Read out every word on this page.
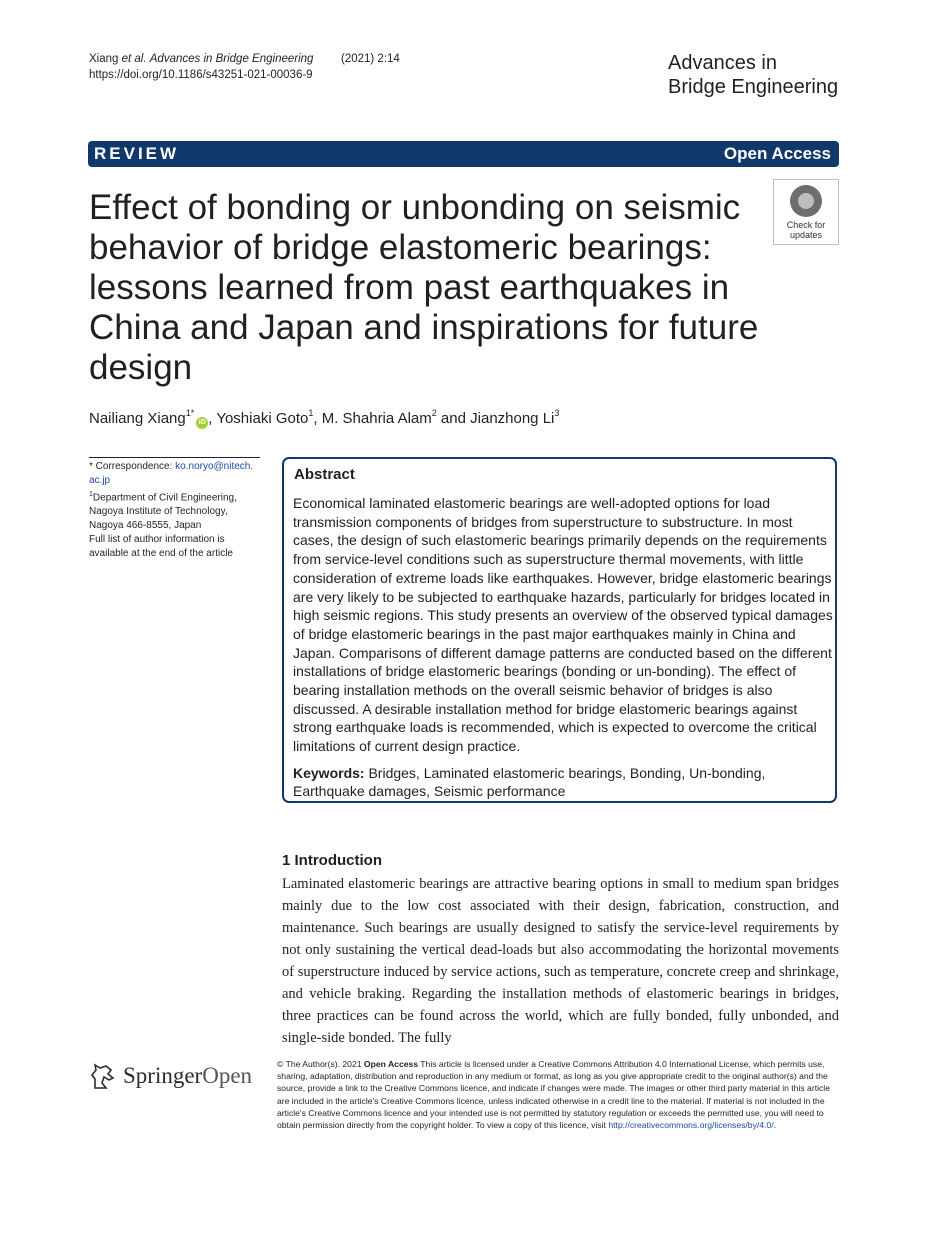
Xiang et al. Advances in Bridge Engineering (2021) 2:14
https://doi.org/10.1186/s43251-021-00036-9
Advances in
Bridge Engineering
REVIEW	Open Access
Effect of bonding or unbonding on seismic behavior of bridge elastomeric bearings: lessons learned from past earthquakes in China and Japan and inspirations for future design
Check for
updates
Nailiang Xiang$^{1*}$iD , Yoshiaki Goto$^1$, M. Shahria Alam$^2$ and Jianzhong Li$^3$
* Correspondence: ko.noryo@nitech.
ac.jp
$^1$Department of Civil Engineering, Nagoya Institute of Technology, Nagoya 466-8555, Japan
Full list of author information is available at the end of the article
Abstract
Economical laminated elastomeric bearings are well-adopted options for load transmission components of bridges from superstructure to substructure. In most cases, the design of such elastomeric bearings primarily depends on the requirements from service-level conditions such as superstructure thermal movements, with little consideration of extreme loads like earthquakes. However, bridge elastomeric bearings are very likely to be subjected to earthquake hazards, particularly for bridges located in high seismic regions. This study presents an overview of the observed typical damages of bridge elastomeric bearings in the past major earthquakes mainly in China and Japan. Comparisons of different damage patterns are conducted based on the different installations of bridge elastomeric bearings (bonding or un-bonding). The effect of bearing installation methods on the overall seismic behavior of bridges is also discussed. A desirable installation method for bridge elastomeric bearings against strong earthquake loads is recommended, which is expected to overcome the critical limitations of current design practice.
Keywords: Bridges, Laminated elastomeric bearings, Bonding, Un-bonding, Earthquake damages, Seismic performance
1 Introduction
Laminated elastomeric bearings are attractive bearing options in small to medium span bridges mainly due to the low cost associated with their design, fabrication, construction, and maintenance. Such bearings are usually designed to satisfy the service-level requirements by not only sustaining the vertical dead-loads but also accommodating the horizontal movements of superstructure induced by service actions, such as temperature, concrete creep and shrinkage, and vehicle braking. Regarding the installation methods of elastomeric bearings in bridges, three practices can be found across the world, which are fully bonded, fully unbonded, and single-side bonded. The fully
SpringerOpen	© The Author(s). 2021 Open Access This article is licensed under a Creative Commons Attribution 4.0 International License, which permits use, sharing, adaptation, distribution and reproduction in any medium or format, as long as you give appropriate credit to the original author(s) and the source, provide a link to the Creative Commons licence, and indicate if changes were made. The images or other third party material in this article are included in the article's Creative Commons licence, unless indicated otherwise in a credit line to the material. If material is not included in the article's Creative Commons licence and your intended use is not permitted by statutory regulation or exceeds the permitted use, you will need to obtain permission directly from the copyright holder. To view a copy of this licence, visit http://creativecommons.org/licenses/by/4.0/.
